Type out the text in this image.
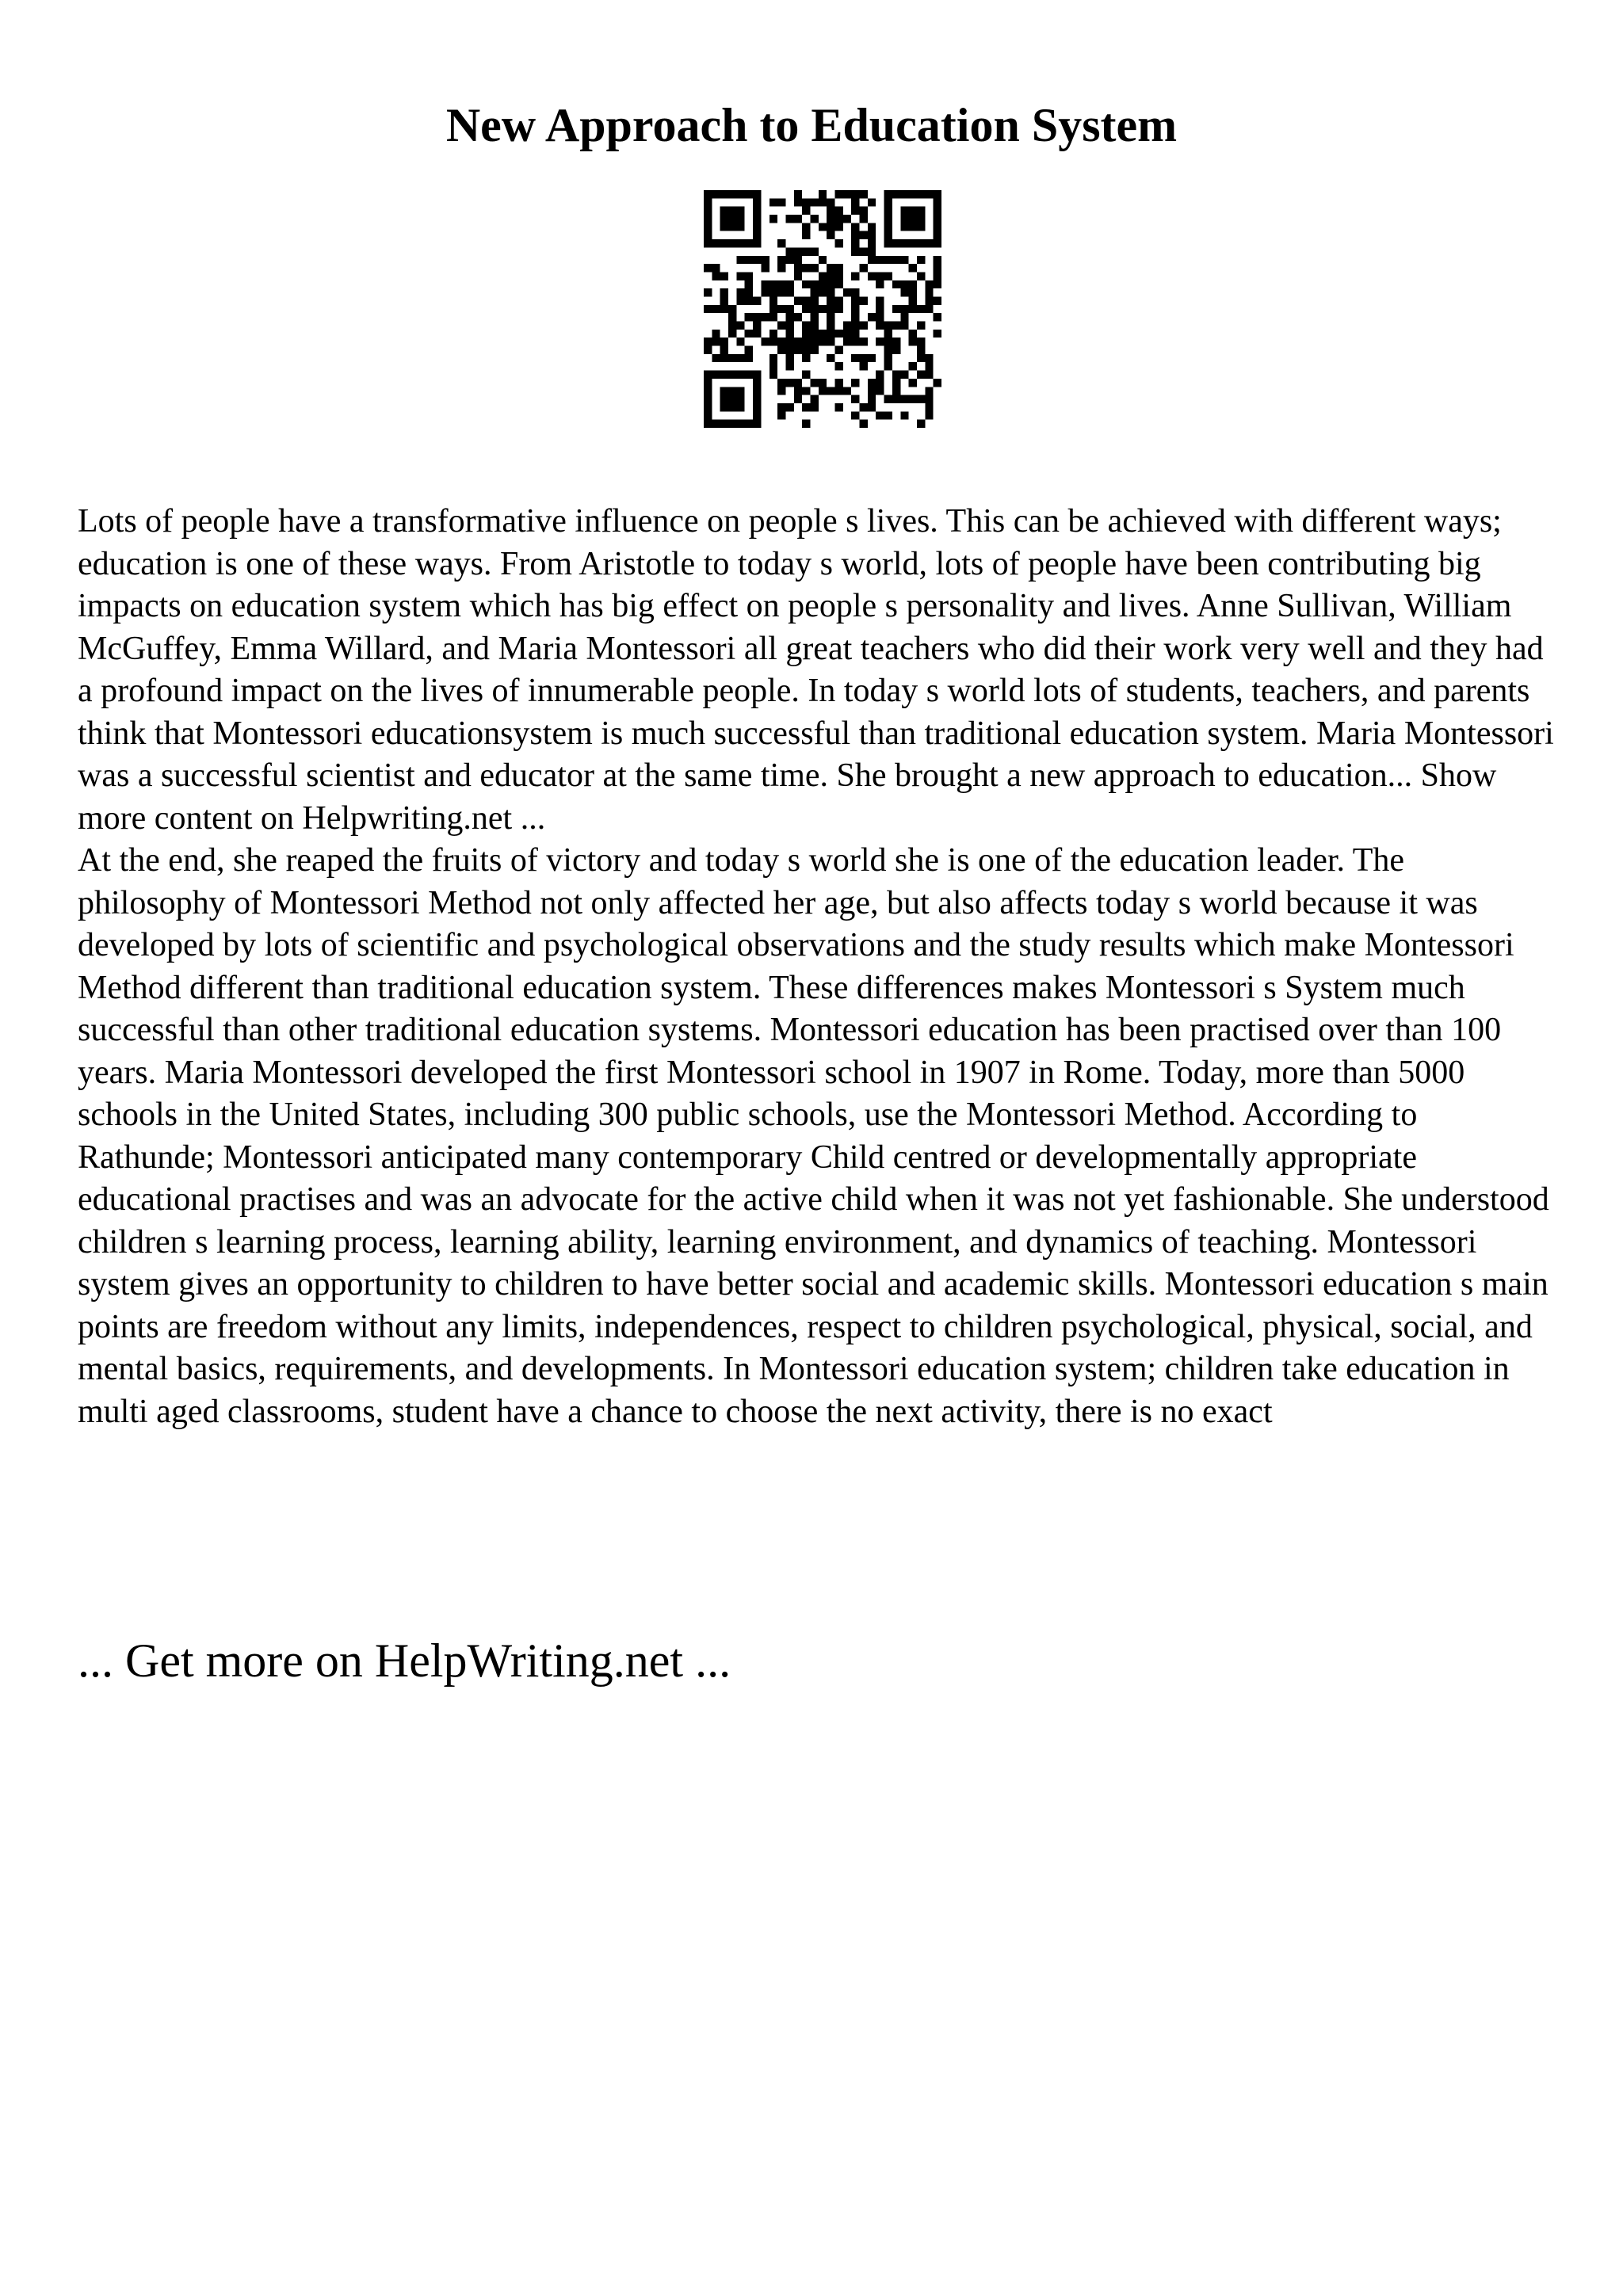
New Approach to Education System

Lots of people have a transformative influence on people s lives. This can be achieved with different ways; education is one of these ways. From Aristotle to today s world, lots of people have been contributing big impacts on education system which has big effect on people s personality and lives. Anne Sullivan, William McGuffey, Emma Willard, and Maria Montessori all great teachers who did their work very well and they had a profound impact on the lives of innumerable people. In today s world lots of students, teachers, and parents think that Montessori educationsystem is much successful than traditional education system. Maria Montessori was a successful scientist and educator at the same time. She brought a new approach to education... Show more content on Helpwriting.net ...

At the end, she reaped the fruits of victory and today s world she is one of the education leader. The philosophy of Montessori Method not only affected her age, but also affects today s world because it was developed by lots of scientific and psychological observations and the study results which make Montessori Method different than traditional education system. These differences makes Montessori s System much successful than other traditional education systems. Montessori education has been practised over than 100 years. Maria Montessori developed the first Montessori school in 1907 in Rome. Today, more than 5000 schools in the United States, including 300 public schools, use the Montessori Method. According to Rathunde; Montessori anticipated many contemporary Child centred or developmentally appropriate educational practises and was an advocate for the active child when it was not yet fashionable. She understood children s learning process, learning ability, learning environment, and dynamics of teaching. Montessori system gives an opportunity to children to have better social and academic skills. Montessori education s main points are freedom without any limits, independences, respect to children psychological, physical, social, and mental basics, requirements, and developments. In Montessori education system; children take education in multi aged classrooms, student have a chance to choose the next activity, there is no exact

... Get more on HelpWriting.net ...
